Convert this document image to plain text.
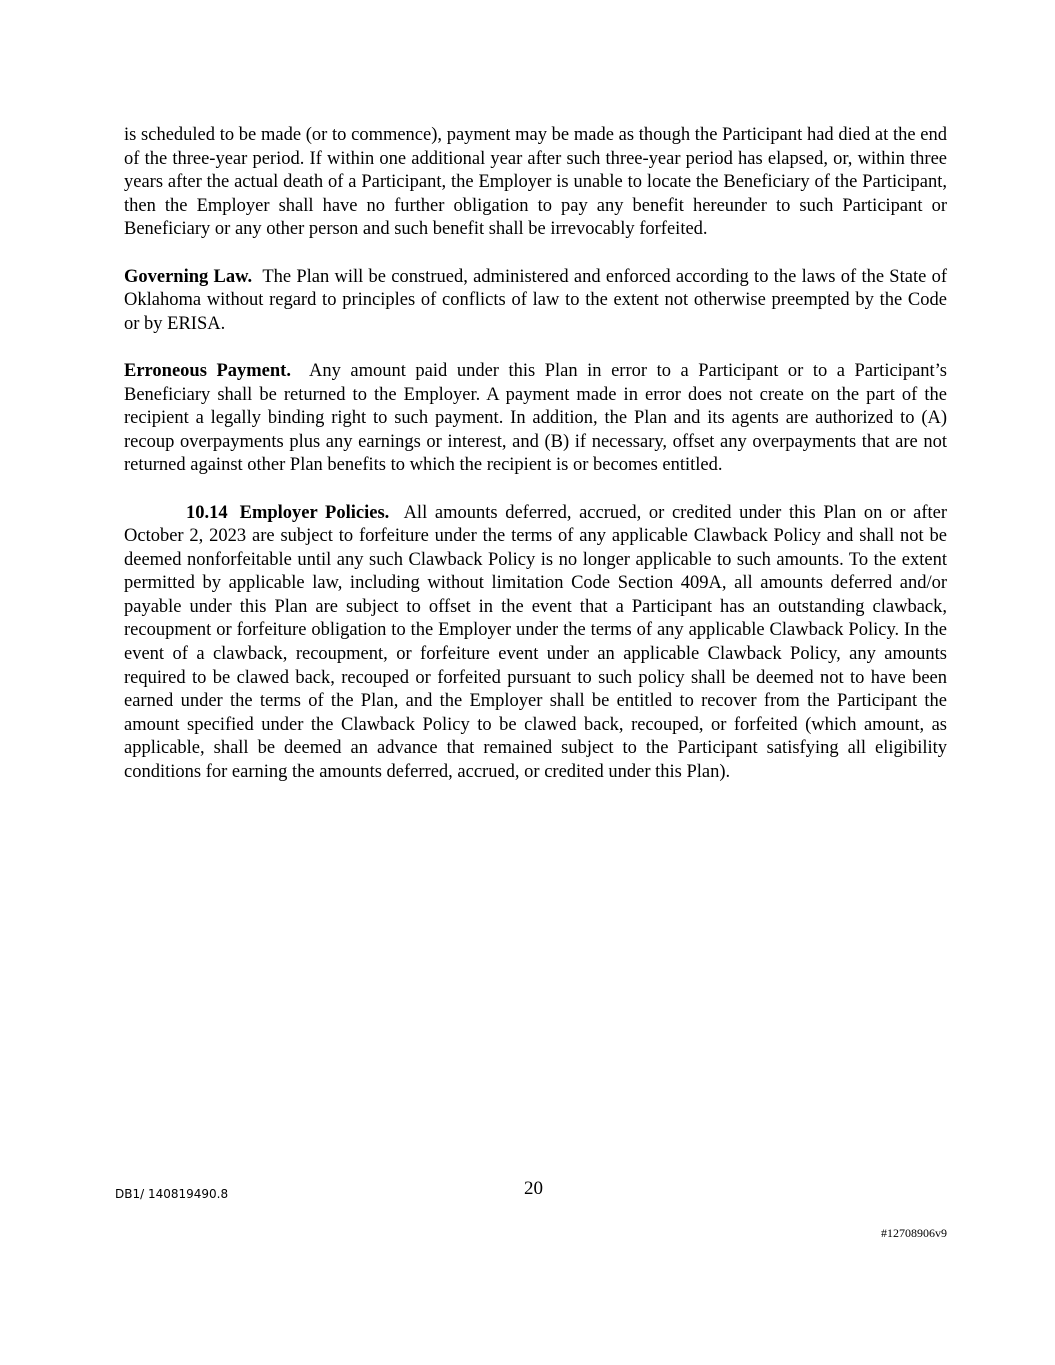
is scheduled to be made (or to commence), payment may be made as though the Participant had died at the end of the three-year period. If within one additional year after such three-year period has elapsed, or, within three years after the actual death of a Participant, the Employer is unable to locate the Beneficiary of the Participant, then the Employer shall have no further obligation to pay any benefit hereunder to such Participant or Beneficiary or any other person and such benefit shall be irrevocably forfeited.

Governing Law. The Plan will be construed, administered and enforced according to the laws of the State of Oklahoma without regard to principles of conflicts of law to the extent not otherwise preempted by the Code or by ERISA.

Erroneous Payment. Any amount paid under this Plan in error to a Participant or to a Participant’s Beneficiary shall be returned to the Employer. A payment made in error does not create on the part of the recipient a legally binding right to such payment. In addition, the Plan and its agents are authorized to (A) recoup overpayments plus any earnings or interest, and (B) if necessary, offset any overpayments that are not returned against other Plan benefits to which the recipient is or becomes entitled.

10.14 Employer Policies. All amounts deferred, accrued, or credited under this Plan on or after October 2, 2023 are subject to forfeiture under the terms of any applicable Clawback Policy and shall not be deemed nonforfeitable until any such Clawback Policy is no longer applicable to such amounts. To the extent permitted by applicable law, including without limitation Code Section 409A, all amounts deferred and/or payable under this Plan are subject to offset in the event that a Participant has an outstanding clawback, recoupment or forfeiture obligation to the Employer under the terms of any applicable Clawback Policy. In the event of a clawback, recoupment, or forfeiture event under an applicable Clawback Policy, any amounts required to be clawed back, recouped or forfeited pursuant to such policy shall be deemed not to have been earned under the terms of the Plan, and the Employer shall be entitled to recover from the Participant the amount specified under the Clawback Policy to be clawed back, recouped, or forfeited (which amount, as applicable, shall be deemed an advance that remained subject to the Participant satisfying all eligibility conditions for earning the amounts deferred, accrued, or credited under this Plan).

DB1/ 140819490.8	20
#12708906v9
